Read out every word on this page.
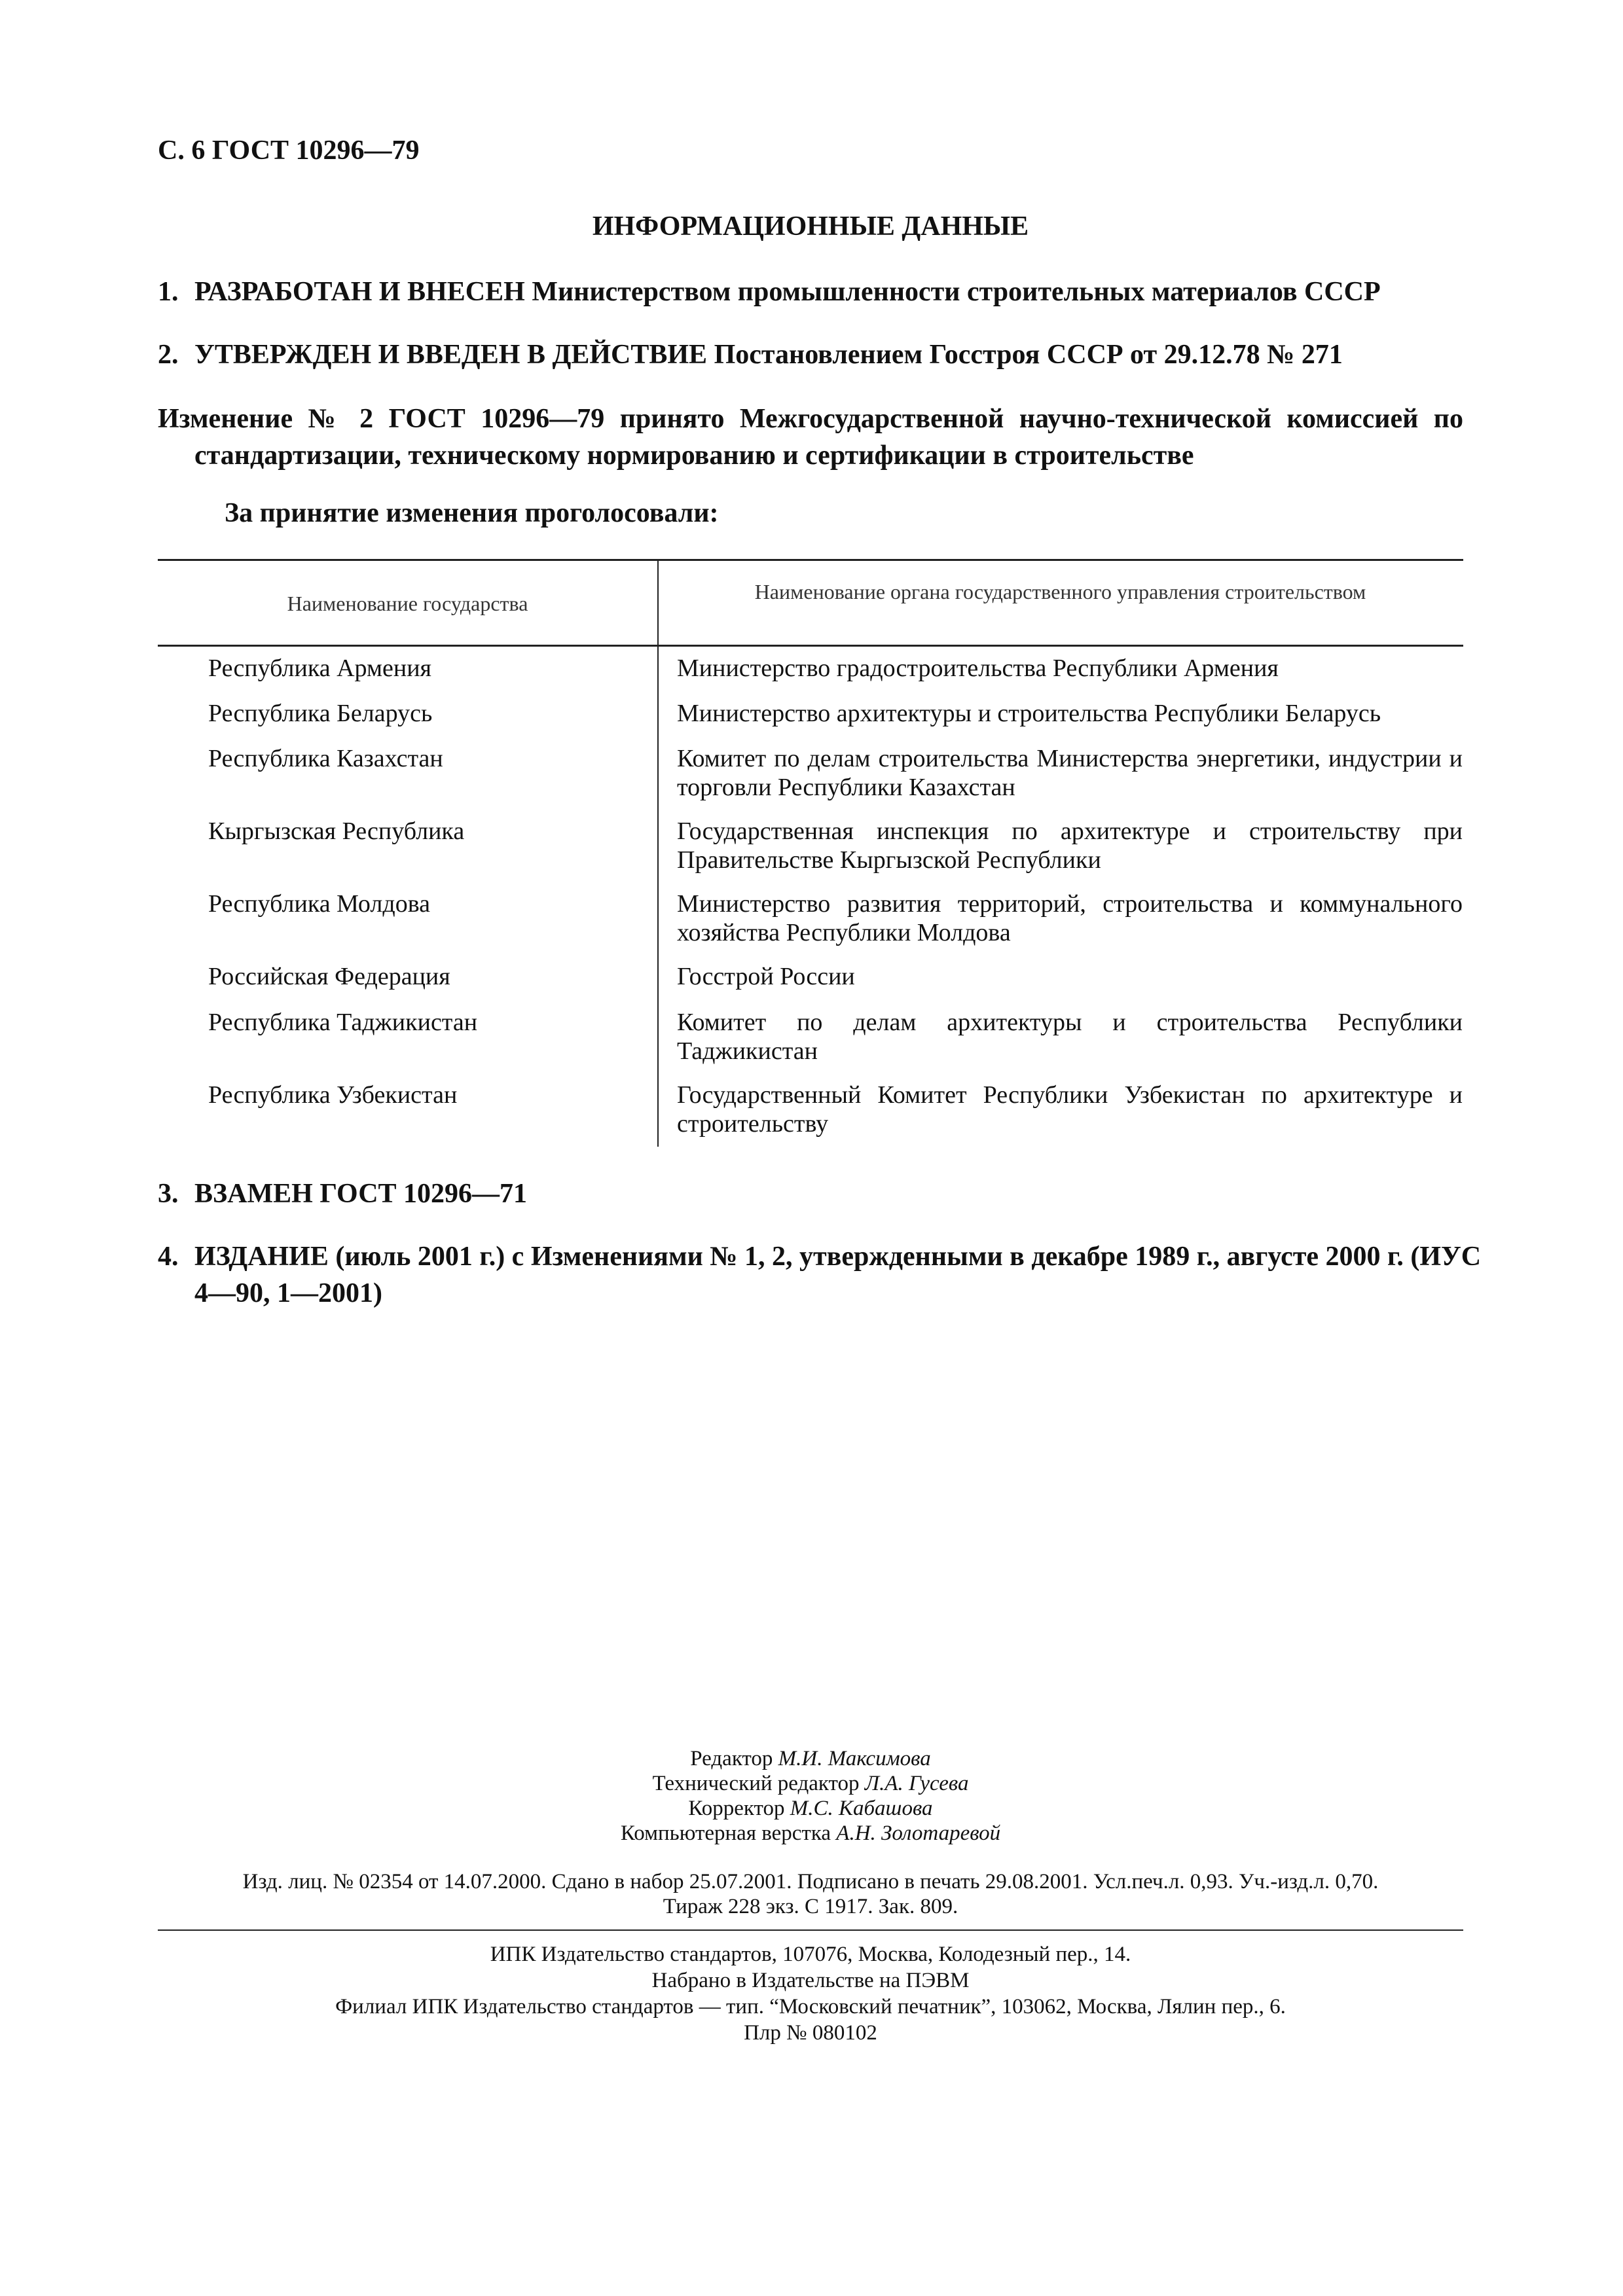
С. 6 ГОСТ 10296—79
ИНФОРМАЦИОННЫЕ ДАННЫЕ
1. РАЗРАБОТАН И ВНЕСЕН Министерством промышленности строительных материалов СССР
2. УТВЕРЖДЕН И ВВЕДЕН В ДЕЙСТВИЕ Постановлением Госстроя СССР от 29.12.78 № 271
Изменение № 2 ГОСТ 10296—79 принято Межгосударственной научно-технической комиссией по стандартизации, техническому нормированию и сертификации в строительстве
За принятие изменения проголосовали:
Наименование государства	Наименование органа государственного управления строительством
Республика Армения	Министерство градостроительства Республики Армения
Республика Беларусь	Министерство архитектуры и строительства Республики Беларусь
Республика Казахстан	Комитет по делам строительства Министерства энергетики, индустрии и торговли Республики Казахстан
Кыргызская Республика	Государственная инспекция по архитектуре и строительству при Правительстве Кыргызской Республики
Республика Молдова	Министерство развития территорий, строительства и коммунального хозяйства Республики Молдова
Российская Федерация	Госстрой России
Республика Таджикистан	Комитет по делам архитектуры и строительства Республики Таджикистан
Республика Узбекистан	Государственный Комитет Республики Узбекистан по архитектуре и строительству
3. ВЗАМЕН ГОСТ 10296—71
4. ИЗДАНИЕ (июль 2001 г.) с Изменениями № 1, 2, утвержденными в декабре 1989 г., августе 2000 г. (ИУС 4—90, 1—2001)
Редактор М.И. Максимова
Технический редактор Л.А. Гусева
Корректор М.С. Кабашова
Компьютерная верстка А.Н. Золотаревой
Изд. лиц. № 02354 от 14.07.2000. Сдано в набор 25.07.2001. Подписано в печать 29.08.2001. Усл.печ.л. 0,93. Уч.-изд.л. 0,70.
Тираж 228 экз. С 1917. Зак. 809.
ИПК Издательство стандартов, 107076, Москва, Колодезный пер., 14.
Набрано в Издательстве на ПЭВМ
Филиал ИПК Издательство стандартов — тип. “Московский печатник”, 103062, Москва, Лялин пер., 6.
Плр № 080102
